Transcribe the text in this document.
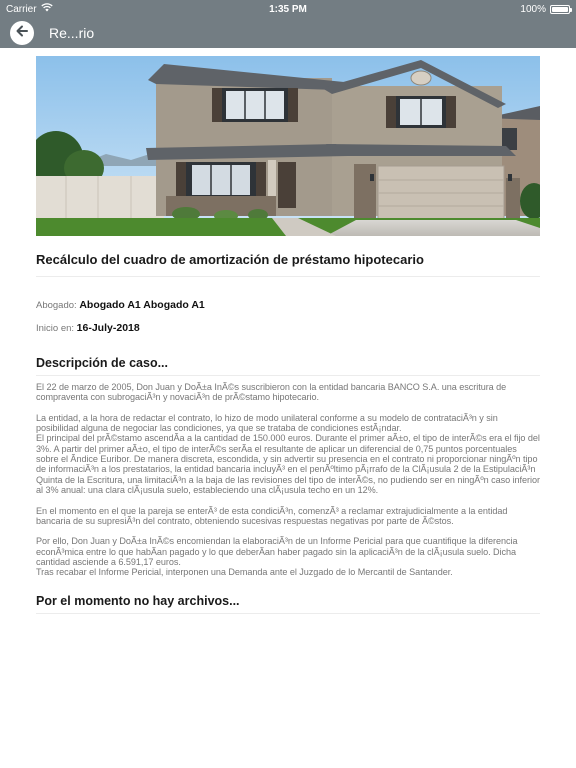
Carrier	1:35 PM	100%
Re...rio
Recálculo del cuadro de amortización de préstamo hipotecario

Abogado: Abogado A1 Abogado A1

Inicio en: 16-July-2018

Descripción de caso...

El 22 de marzo de 2005, Don Juan y DoÃ±a InÃ©s suscribieron con la entidad bancaria BANCO S.A. una escritura de compraventa con subrogaciÃ³n y novaciÃ³n de prÃ©stamo hipotecario.

La entidad, a la hora de redactar el contrato, lo hizo de modo unilateral conforme a su modelo de contrataciÃ³n y sin posibilidad alguna de negociar las condiciones, ya que se trataba de condiciones estÃ¡ndar.
El principal del prÃ©stamo ascendÃa a la cantidad de 150.000 euros. Durante el primer aÃ±o, el tipo de interÃ©s era el fijo del 3%. A partir del primer aÃ±o, el tipo de interÃ©s serÃa el resultante de aplicar un diferencial de 0,75 puntos porcentuales sobre el Ãndice Euribor. De manera discreta, escondida, y sin advertir su presencia en el contrato ni proporcionar ningÃºn tipo de informaciÃ³n a los prestatarios, la entidad bancaria incluyÃ³ en el penÃºltimo pÃ¡rrafo de la ClÃ¡usula 2 de la EstipulaciÃ³n Quinta de la Escritura, una limitaciÃ³n a la baja de las revisiones del tipo de interÃ©s, no pudiendo ser en ningÃºn caso inferior al 3% anual: una clara clÃ¡usula suelo, estableciendo una clÃ¡usula techo en un 12%.

En el momento en el que la pareja se enterÃ³ de esta condiciÃ³n, comenzÃ³ a reclamar extrajudicialmente a la entidad bancaria de su supresiÃ³n del contrato, obteniendo sucesivas respuestas negativas por parte de Ã©stos.

Por ello, Don Juan y DoÃ±a InÃ©s encomiendan la elaboraciÃ³n de un Informe Pericial para que cuantifique la diferencia econÃ³mica entre lo que habÃan pagado y lo que deberÃan haber pagado sin la aplicaciÃ³n de la clÃ¡usula suelo. Dicha cantidad asciende a 6.591,17 euros.
Tras recabar el Informe Pericial, interponen una Demanda ante el Juzgado de lo Mercantil de Santander.

Por el momento no hay archivos...
